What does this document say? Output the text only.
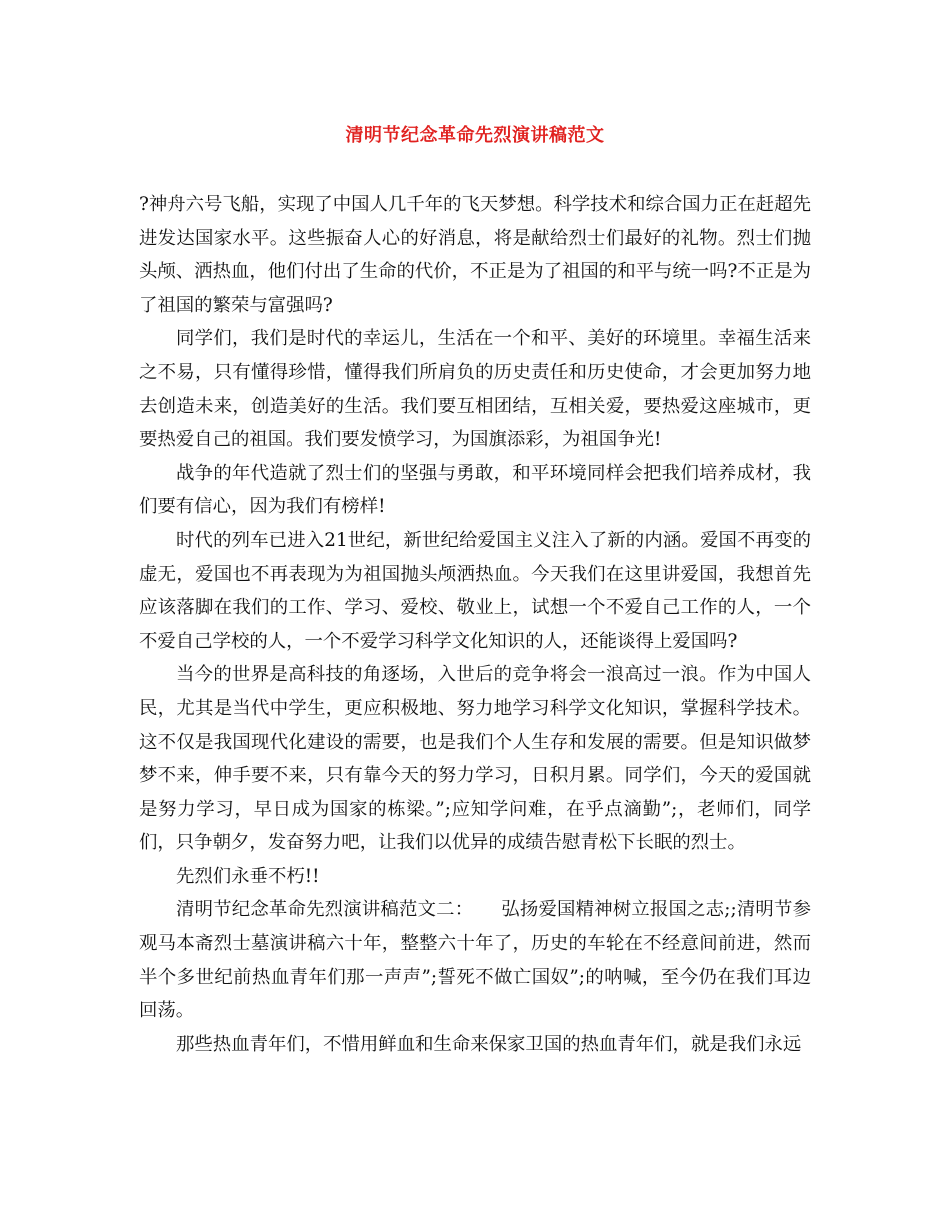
清明节纪念革命先烈演讲稿范文

?神舟六号飞船，实现了中国人几千年的飞天梦想。科学技术和综合国力正在赶超先进发达国家水平。这些振奋人心的好消息，将是献给烈士们最好的礼物。烈士们抛头颅、洒热血，他们付出了生命的代价，不正是为了祖国的和平与统一吗?不正是为了祖国的繁荣与富强吗?

同学们，我们是时代的幸运儿，生活在一个和平、美好的环境里。幸福生活来之不易，只有懂得珍惜，懂得我们所肩负的历史责任和历史使命，才会更加努力地去创造未来，创造美好的生活。我们要互相团结，互相关爱，要热爱这座城市，更要热爱自己的祖国。我们要发愤学习，为国旗添彩，为祖国争光!

战争的年代造就了烈士们的坚强与勇敢，和平环境同样会把我们培养成材，我们要有信心，因为我们有榜样!

时代的列车已进入21世纪，新世纪给爱国主义注入了新的内涵。爱国不再变的虚无，爱国也不再表现为为祖国抛头颅洒热血。今天我们在这里讲爱国，我想首先应该落脚在我们的工作、学习、爱校、敬业上，试想一个不爱自己工作的人，一个不爱自己学校的人，一个不爱学习科学文化知识的人，还能谈得上爱国吗?

当今的世界是高科技的角逐场，入世后的竞争将会一浪高过一浪。作为中国人民，尤其是当代中学生，更应积极地、努力地学习科学文化知识，掌握科学技术。这不仅是我国现代化建设的需要，也是我们个人生存和发展的需要。但是知识做梦梦不来，伸手要不来，只有靠今天的努力学习，日积月累。同学们，今天的爱国就是努力学习，早日成为国家的栋梁。”;应知学问难，在乎点滴勤”;，老师们，同学们，只争朝夕，发奋努力吧，让我们以优异的成绩告慰青松下长眠的烈士。

先烈们永垂不朽!!

清明节纪念革命先烈演讲稿范文二：　　弘扬爱国精神树立报国之志;;清明节参观马本斋烈士墓演讲稿六十年，整整六十年了，历史的车轮在不经意间前进，然而半个多世纪前热血青年们那一声声”;誓死不做亡国奴”;的呐喊，至今仍在我们耳边回荡。

那些热血青年们，不惜用鲜血和生命来保家卫国的热血青年们，就是我们永远
